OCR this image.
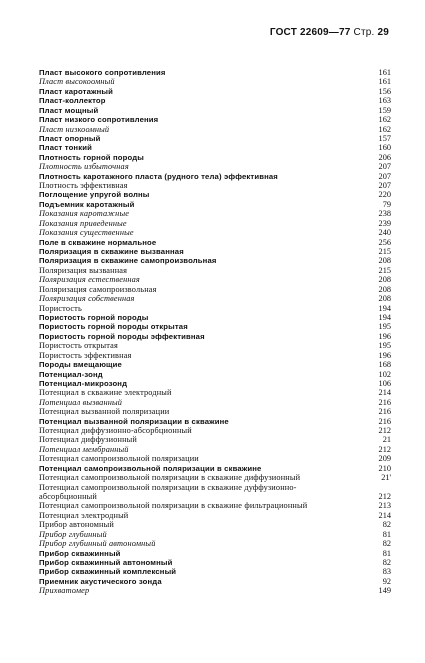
ГОСТ 22609—77 Стр. 29
Пласт высокого сопротивления	161
Пласт высокоомный	161
Пласт каротажный	156
Пласт-коллектор	163
Пласт мощный	159
Пласт низкого сопротивления	162
Пласт низкоомный	162
Пласт опорный	157
Пласт тонкий	160
Плотность горной породы	206
Плотность избыточная	207
Плотность каротажного пласта (рудного тела) эффективная	207
Плотность эффективная	207
Поглощение упругой волны	220
Подъемник каротажный	79
Показания каротажные	238
Показания приведенные	239
Показания существенные	240
Поле в скважине нормальное	256
Поляризация в скважине вызванная	215
Поляризация в скважине самопроизвольная	208
Поляризация вызванная	215
Поляризация естественная	208
Поляризация самопроизвольная	208
Поляризация собственная	208
Пористость	194
Пористость горной породы	194
Пористость горной породы открытая	195
Пористость горной породы эффективная	196
Пористость открытая	195
Пористость эффективная	196
Породы вмещающие	168
Потенциал-зонд	102
Потенциал-микрозонд	106
Потенциал в скважине электродный	214
Потенциал вызванный	216
Потенциал вызванной поляризации	216
Потенциал вызванной поляризации в скважине	216
Потенциал диффузионно-абсорбционный	212
Потенциал диффузионный	21
Потенциал мембранный	212
Потенциал самопроизвольной поляризации	209
Потенциал самопроизвольной поляризации в скважине	210
Потенциал самопроизвольной поляризации в скважине диффузионный	21'
Потенциал самопроизвольной поляризации в скважине дуффузионно-
абсорбционный	212
Потенциал самопроизвольной поляризации в скважине фильтрационный	213
Потенциал электродный	214
Прибор автономный	82
Прибор глубинный	81
Прибор глубинный автономный	82
Прибор скважинный	81
Прибор скважинный автономный	82
Прибор скважинный комплексный	83
Приемник акустического зонда	92
Прихватомер	149
